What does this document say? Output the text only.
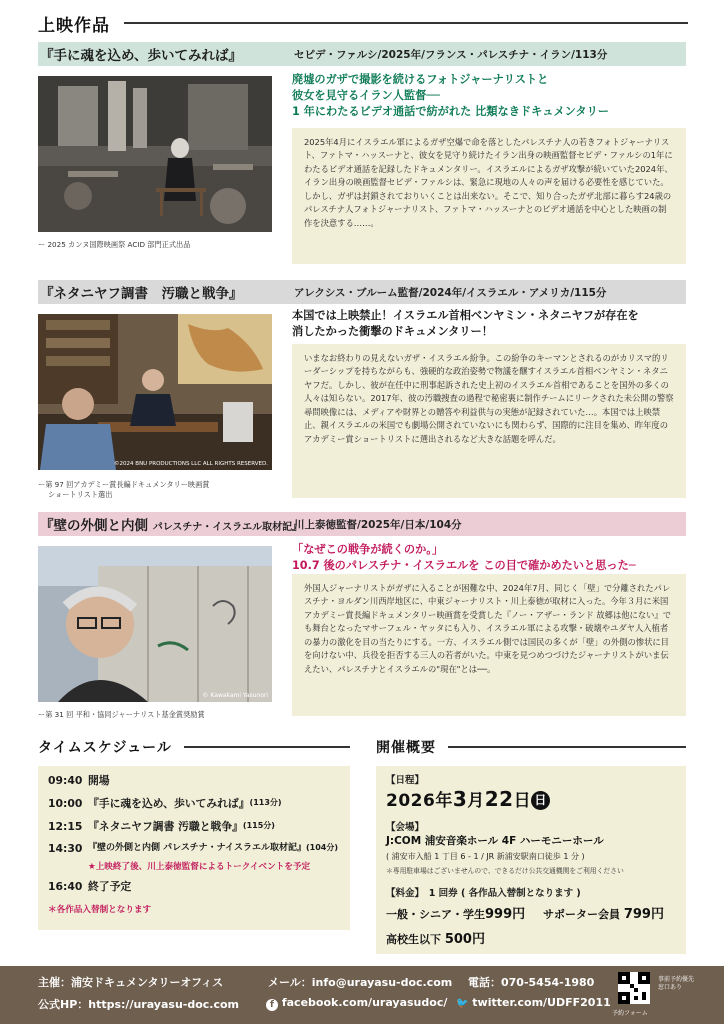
上映作品
『手に魂を込め、歩いてみれば』	セピデ・ファルシ/2025年/フランス・パレスチナ・イラン/113分
ー 2025 カンヌ国際映画祭 ACID 部門正式出品
廃墟のガザで撮影を続けるフォトジャーナリストと
彼女を見守るイラン人監督──
1 年にわたるビデオ通話で紡がれた 比類なきドキュメンタリー
2025年4月にイスラエル軍によるガザ空爆で命を落としたパレスチナ人の若きフォトジャーナリスト、ファトマ・ハッスーナと、彼女を見守り続けたイラン出身の映画監督セピデ・ファルシの1年にわたるビデオ通話を記録したドキュメンタリー。イスラエルによるガザ攻撃が続いていた2024年、イラン出身の映画監督セピデ・ファルシは、緊急に現地の人々の声を届ける必要性を感じていた。しかし、ガザは封鎖されておりいくことは出来ない。そこで、知り合ったガザ北部に暮らす24歳のパレスチナ人フォトジャーナリスト、ファトマ・ハッスーナとのビデオ通話を中心とした映画の制作を決意する……。
『ネタニヤフ調書　汚職と戦争』	アレクシス・ブルーム監督/2024年/イスラエル・アメリカ/115分
©2024 BNU PRODUCTIONS LLC ALL RIGHTS RESERVED.
ー第 97 回アカデミー賞長編ドキュメンタリー映画賞
ショートリスト選出
本国では上映禁止！イスラエル首相ベンヤミン・ネタニヤフが存在を
消したかった衝撃のドキュメンタリー！
いまなお終わりの見えないガザ・イスラエル紛争。この紛争のキーマンとされるのがカリスマ的リーダーシップを持ちながらも、強硬的な政治姿勢で物議を醸すイスラエル首相ベンヤミン・ネタニヤフだ。しかし、彼が在任中に刑事起訴された史上初のイスラエル首相であることを国外の多くの人々は知らない。2017年、彼の汚職捜査の過程で秘密裏に制作チームにリークされた未公開の警察尋問映像には、メディアや財界との贈答や利益供与の実態が記録されていた…。本国では上映禁止、親イスラエルの米国でも劇場公開されていないにも関わらず、国際的に注目を集め、昨年度のアカデミー賞ショートリストに選出されるなど大きな話題を呼んだ。
『壁の外側と内側 パレスチナ・イスラエル取材記』
川上泰徳監督/2025年/日本/104分
© Kawakami Yasunori
ー第 31 回 平和・協同ジャーナリスト基金賞奨励賞
「なぜこの戦争が続くのか。」
10.7 後のパレスチナ・イスラエルを この目で確かめたいと思った─
外国人ジャーナリストがガザに入ることが困難な中、2024年7月、同じく「壁」で分離されたパレスチナ・ヨルダン川西岸地区に、中東ジャーナリスト・川上泰徳が取材に入った。今年３月に米国アカデミー賞長編ドキュメンタリー映画賞を受賞した『ノー・アザー・ランド 故郷は他にない』でも舞台となったマサーフェル・ヤッタにも入り、イスラエル軍による攻撃・破壊やユダヤ人入植者の暴力の激化を目の当たりにする。一方、イスラエル側では国民の多くが「壁」の外側の惨状に目を向けない中、兵役を拒否する三人の若者がいた。中東を見つめつづけたジャーナリストがいま伝えたい、パレスチナとイスラエルの"現在"とは──。
タイムスケジュール
09:40 開場
10:00 『手に魂を込め、歩いてみれば』 (113分)
12:15 『ネタニヤフ調書 汚職と戦争』 (115分)
14:30 『壁の外側と内側 パレスチナ・ナイスラエル取材記』 (104分)
★上映終了後、川上泰徳監督によるトークイベントを予定
16:40 終了予定
＊各作品入替制となります
開催概要
【日程】
2026年3月22日 日
【会場】
J:COM 浦安音楽ホール 4F ハーモニーホール
( 浦安市入船 1 丁目 6 - 1 / JR 新浦安駅南口徒歩 1 分 )
＊専用駐車場はございませんので、できるだけ公共交通機関をご利用ください
【料金】　1 回券 ( 各作品入替制となります )
一般・シニア・学生999円 サポーター会員 799円
高校生以下 500円
主催：浦安ドキュメンタリーオフィス	メール：info@urayasu-doc.com 電話：070-5454-1980
公式HP：https://urayasu-doc.com	f facebook.com/urayasudoc/ 🐦 twitter.com/UDFF2011
予約フォーム
事前予約優先
窓口あり
